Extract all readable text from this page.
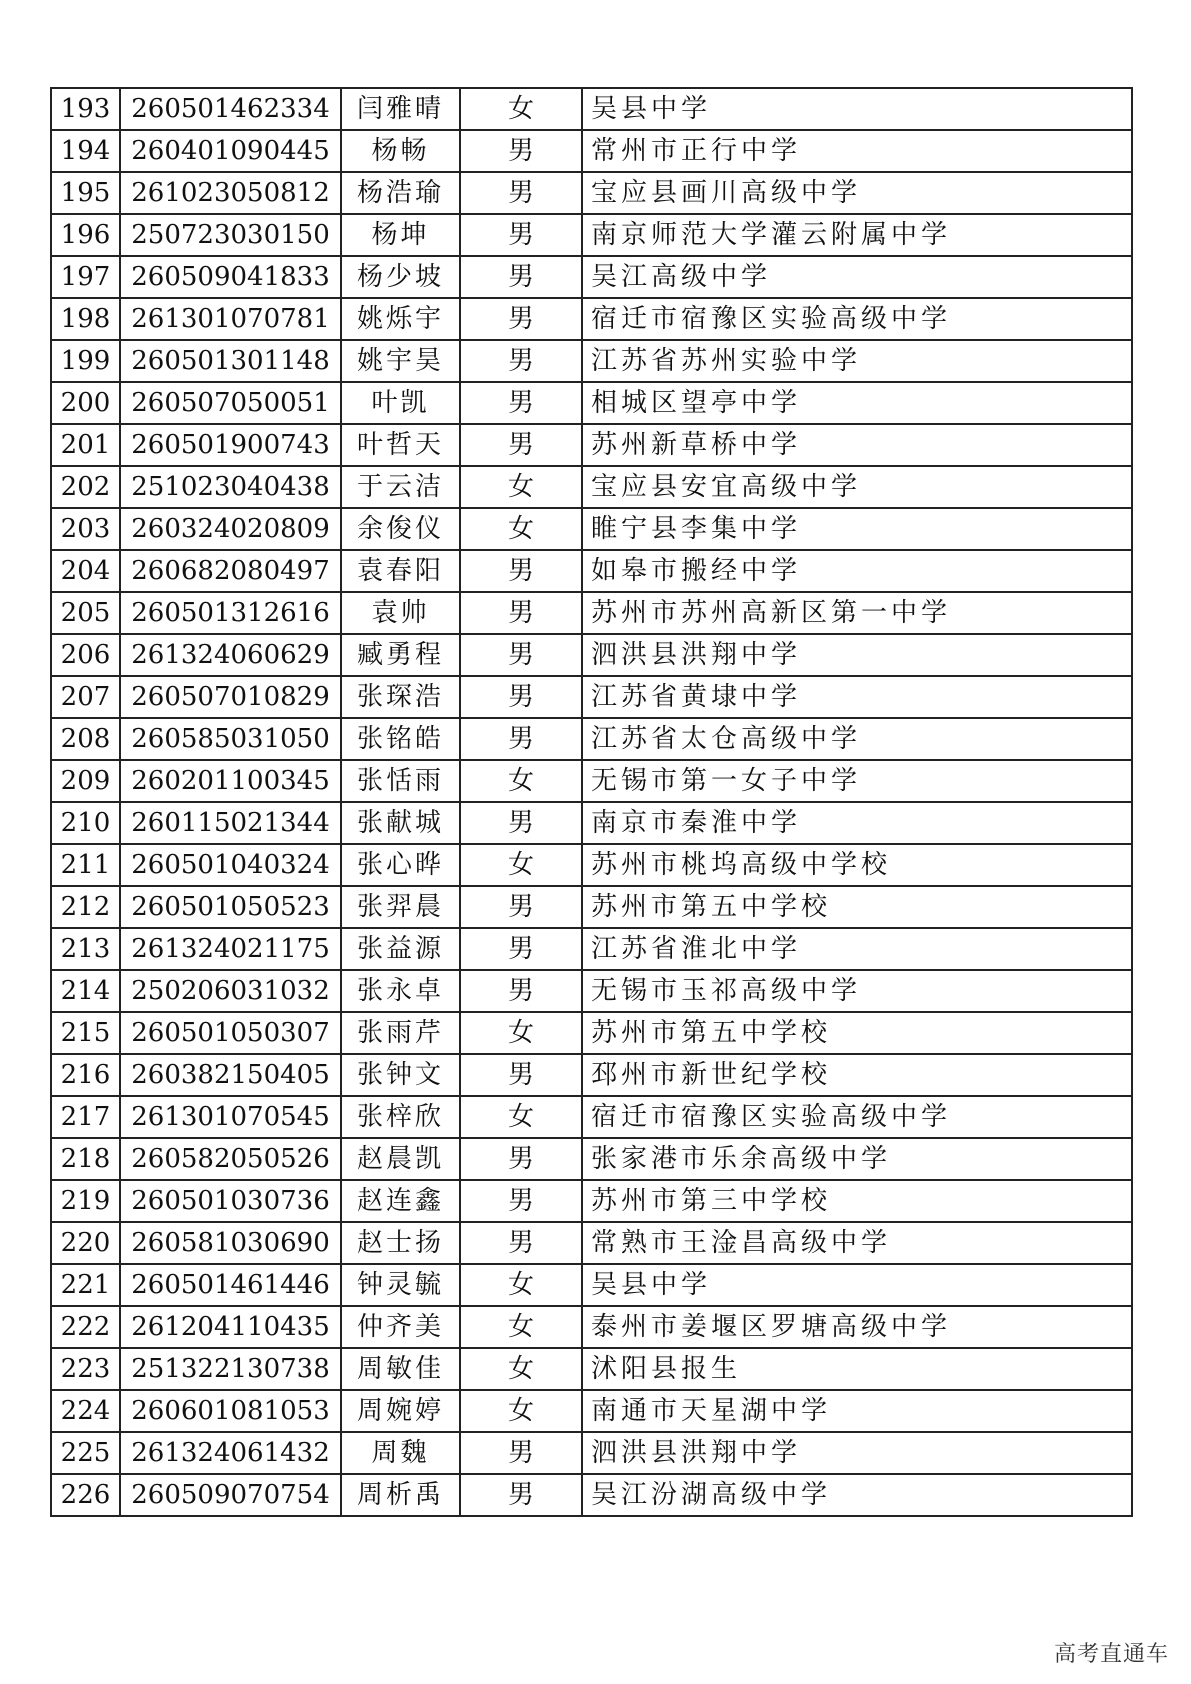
193	260501462334	闫雅晴	女	吴县中学
194	260401090445	杨畅	男	常州市正行中学
195	261023050812	杨浩瑜	男	宝应县画川高级中学
196	250723030150	杨坤	男	南京师范大学灌云附属中学
197	260509041833	杨少坡	男	吴江高级中学
198	261301070781	姚烁宇	男	宿迁市宿豫区实验高级中学
199	260501301148	姚宇昊	男	江苏省苏州实验中学
200	260507050051	叶凯	男	相城区望亭中学
201	260501900743	叶哲天	男	苏州新草桥中学
202	251023040438	于云洁	女	宝应县安宜高级中学
203	260324020809	余俊仪	女	睢宁县李集中学
204	260682080497	袁春阳	男	如皋市搬经中学
205	260501312616	袁帅	男	苏州市苏州高新区第一中学
206	261324060629	臧勇程	男	泗洪县洪翔中学
207	260507010829	张琛浩	男	江苏省黄埭中学
208	260585031050	张铭皓	男	江苏省太仓高级中学
209	260201100345	张恬雨	女	无锡市第一女子中学
210	260115021344	张献城	男	南京市秦淮中学
211	260501040324	张心晔	女	苏州市桃坞高级中学校
212	260501050523	张羿晨	男	苏州市第五中学校
213	261324021175	张益源	男	江苏省淮北中学
214	250206031032	张永卓	男	无锡市玉祁高级中学
215	260501050307	张雨芹	女	苏州市第五中学校
216	260382150405	张钟文	男	邳州市新世纪学校
217	261301070545	张梓欣	女	宿迁市宿豫区实验高级中学
218	260582050526	赵晨凯	男	张家港市乐余高级中学
219	260501030736	赵连鑫	男	苏州市第三中学校
220	260581030690	赵士扬	男	常熟市王淦昌高级中学
221	260501461446	钟灵毓	女	吴县中学
222	261204110435	仲齐美	女	泰州市姜堰区罗塘高级中学
223	251322130738	周敏佳	女	沭阳县报生
224	260601081053	周婉婷	女	南通市天星湖中学
225	261324061432	周魏	男	泗洪县洪翔中学
226	260509070754	周析禹	男	吴江汾湖高级中学
高考直通车
